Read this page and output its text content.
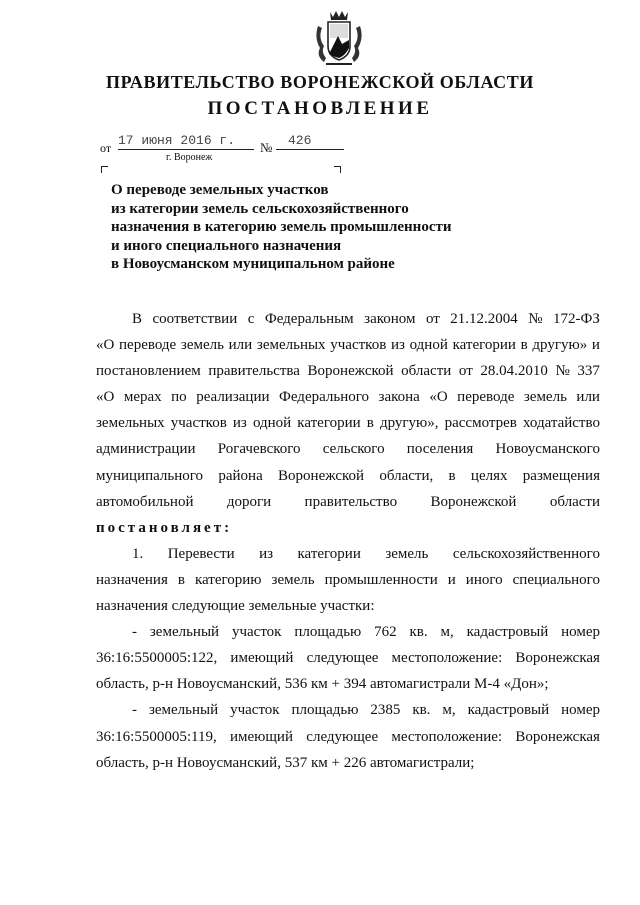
ПРАВИТЕЛЬСТВО ВОРОНЕЖСКОЙ ОБЛАСТИ
ПОСТАНОВЛЕНИЕ
от 17 июня 2016 г.	№	426
г. Воронеж
О переводе земельных участков
из категории земель сельскохозяйственного
назначения в категорию земель промышленности
и иного специального назначения
в Новоусманском муниципальном районе
В соответствии с Федеральным законом от 21.12.2004 № 172-ФЗ
«О переводе земель или земельных участков из одной категории в другую» и
постановлением правительства Воронежской области от 28.04.2010 № 337
«О мерах по реализации Федерального закона «О переводе земель или
земельных участков из одной категории в другую», рассмотрев ходатайство
администрации Рогачевского сельского поселения Новоусманского
муниципального района Воронежской области, в целях размещения
автомобильной дороги правительство Воронежской области
постановляет:
1. Перевести из категории земель сельскохозяйственного
назначения в категорию земель промышленности и иного специального
назначения следующие земельные участки:
- земельный участок площадью 762 кв. м, кадастровый номер
36:16:5500005:122, имеющий следующее местоположение: Воронежская
область, р-н Новоусманский, 536 км + 394 автомагистрали М-4 «Дон»;
- земельный участок площадью 2385 кв. м, кадастровый номер
36:16:5500005:119, имеющий следующее местоположение: Воронежская
область, р-н Новоусманский, 537 км + 226 автомагистрали;
